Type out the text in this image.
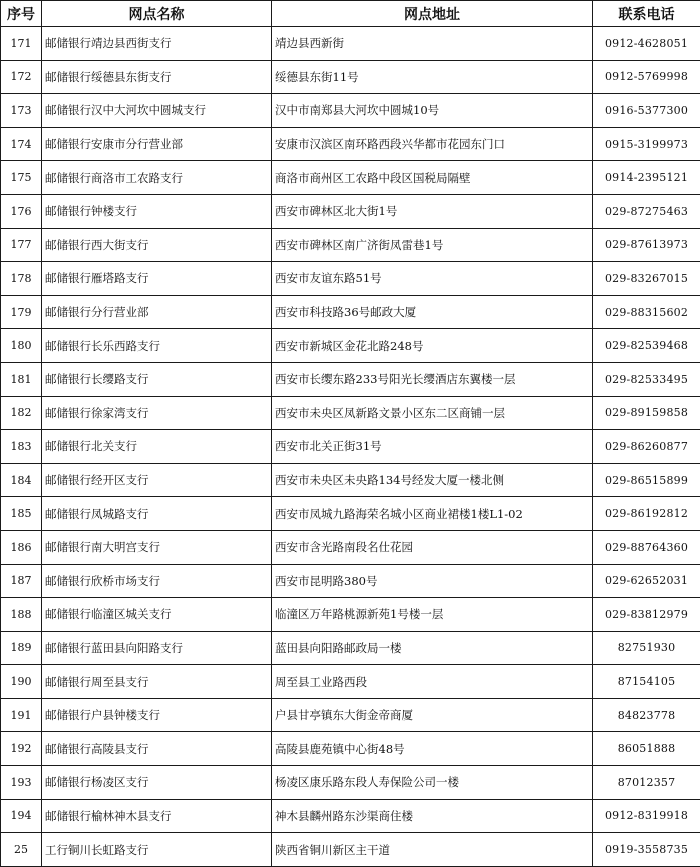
序号	网点名称	网点地址	联系电话
171	邮储银行靖边县西街支行	靖边县西新街	0912-4628051
172	邮储银行绥德县东街支行	绥德县东街11号	0912-5769998
173	邮储银行汉中大河坎中圆城支行	汉中市南郑县大河坎中圆城10号	0916-5377300
174	邮储银行安康市分行营业部	安康市汉滨区南环路西段兴华都市花园东门口	0915-3199973
175	邮储银行商洛市工农路支行	商洛市商州区工农路中段区国税局隔壁	0914-2395121
176	邮储银行钟楼支行	西安市碑林区北大街1号	029-87275463
177	邮储银行西大街支行	西安市碑林区南广济街凤雷巷1号	029-87613973
178	邮储银行雁塔路支行	西安市友谊东路51号	029-83267015
179	邮储银行分行营业部	西安市科技路36号邮政大厦	029-88315602
180	邮储银行长乐西路支行	西安市新城区金花北路248号	029-82539468
181	邮储银行长缨路支行	西安市长缨东路233号阳光长缨酒店东翼楼一层	029-82533495
182	邮储银行徐家湾支行	西安市未央区凤新路文景小区东二区商铺一层	029-89159858
183	邮储银行北关支行	西安市北关正街31号	029-86260877
184	邮储银行经开区支行	西安市未央区未央路134号经发大厦一楼北侧	029-86515899
185	邮储银行凤城路支行	西安市凤城九路海荣名城小区商业裙楼1楼L1-02	029-86192812
186	邮储银行南大明宫支行	西安市含光路南段名仕花园	029-88764360
187	邮储银行欣桥市场支行	西安市昆明路380号	029-62652031
188	邮储银行临潼区城关支行	临潼区万年路桃源新苑1号楼一层	029-83812979
189	邮储银行蓝田县向阳路支行	蓝田县向阳路邮政局一楼	82751930
190	邮储银行周至县支行	周至县工业路西段	87154105
191	邮储银行户县钟楼支行	户县甘亭镇东大街金帝商厦	84823778
192	邮储银行高陵县支行	高陵县鹿苑镇中心街48号	86051888
193	邮储银行杨凌区支行	杨凌区康乐路东段人寿保险公司一楼	87012357
194	邮储银行榆林神木县支行	神木县麟州路东沙渠商住楼	0912-8319918
25	工行铜川长虹路支行	陕西省铜川新区主干道	0919-3558735
